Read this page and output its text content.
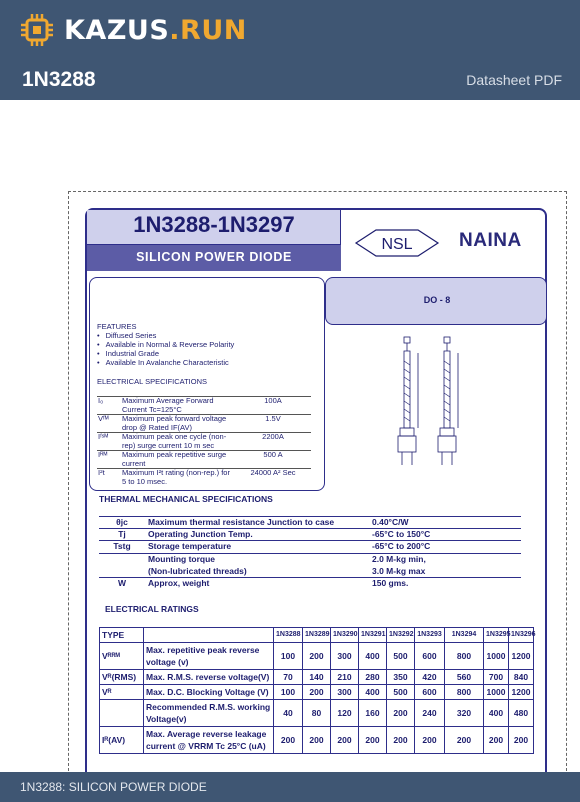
KAZUS.RUN
1N3288	Datasheet PDF
1N3288-1N3297
SILICON POWER DIODE
NSL NAINA
DO - 8
FEATURES
• Diffused Series
• Available in Normal & Reverse Polarity
• Industrial Grade
• Available In Avalanche Characteristic
ELECTRICAL SPECIFICATIONS
I₀	Maximum Average Forward Current Tc=125°C	100A
Vᶠᴹ	Maximum peak forward voltage drop @ Rated IF(AV)	1.5V
Iᶠˢᴹ	Maximum peak one cycle (non-rep) surge current 10 m sec	2200A
Iᴿᴹ	Maximum peak repetitive surge current	500 A
I²t	Maximum I²t rating (non-rep.) for 5 to 10 msec.	24000 A² Sec
THERMAL MECHANICAL SPECIFICATIONS
θjc	Maximum thermal resistance Junction to case	0.40°C/W
Tj	Operating Junction Temp.	-65°C to 150°C
Tstg	Storage temperature	-65°C to 200°C
	Mounting torque	2.0 M-kg min,
	(Non-lubricated threads)	3.0 M-kg max
W	Approx, weight	150 gms.
ELECTRICAL RATINGS
TYPE		1N3288	1N3289	1N3290	1N3291	1N3292	1N3293	1N3294	1N3295	1N3296
Vᴿᴿᴹ	Max. repetitive peak reverse voltage (v)	100	200	300	400	500	600	800	1000	1200
Vᴿ(RMS)	Max. R.M.S. reverse voltage(V)	70	140	210	280	350	420	560	700	840
Vᴿ	Max. D.C. Blocking Voltage (V)	100	200	300	400	500	600	800	1000	1200
	Recommended R.M.S. working Voltage(v)	40	80	120	160	200	240	320	400	480
Iᴿ(AV)	Max. Average reverse leakage current @ VRRM Tc 25°C (uA)	200	200	200	200	200	200	200	200	200
1N3288: SILICON POWER DIODE
